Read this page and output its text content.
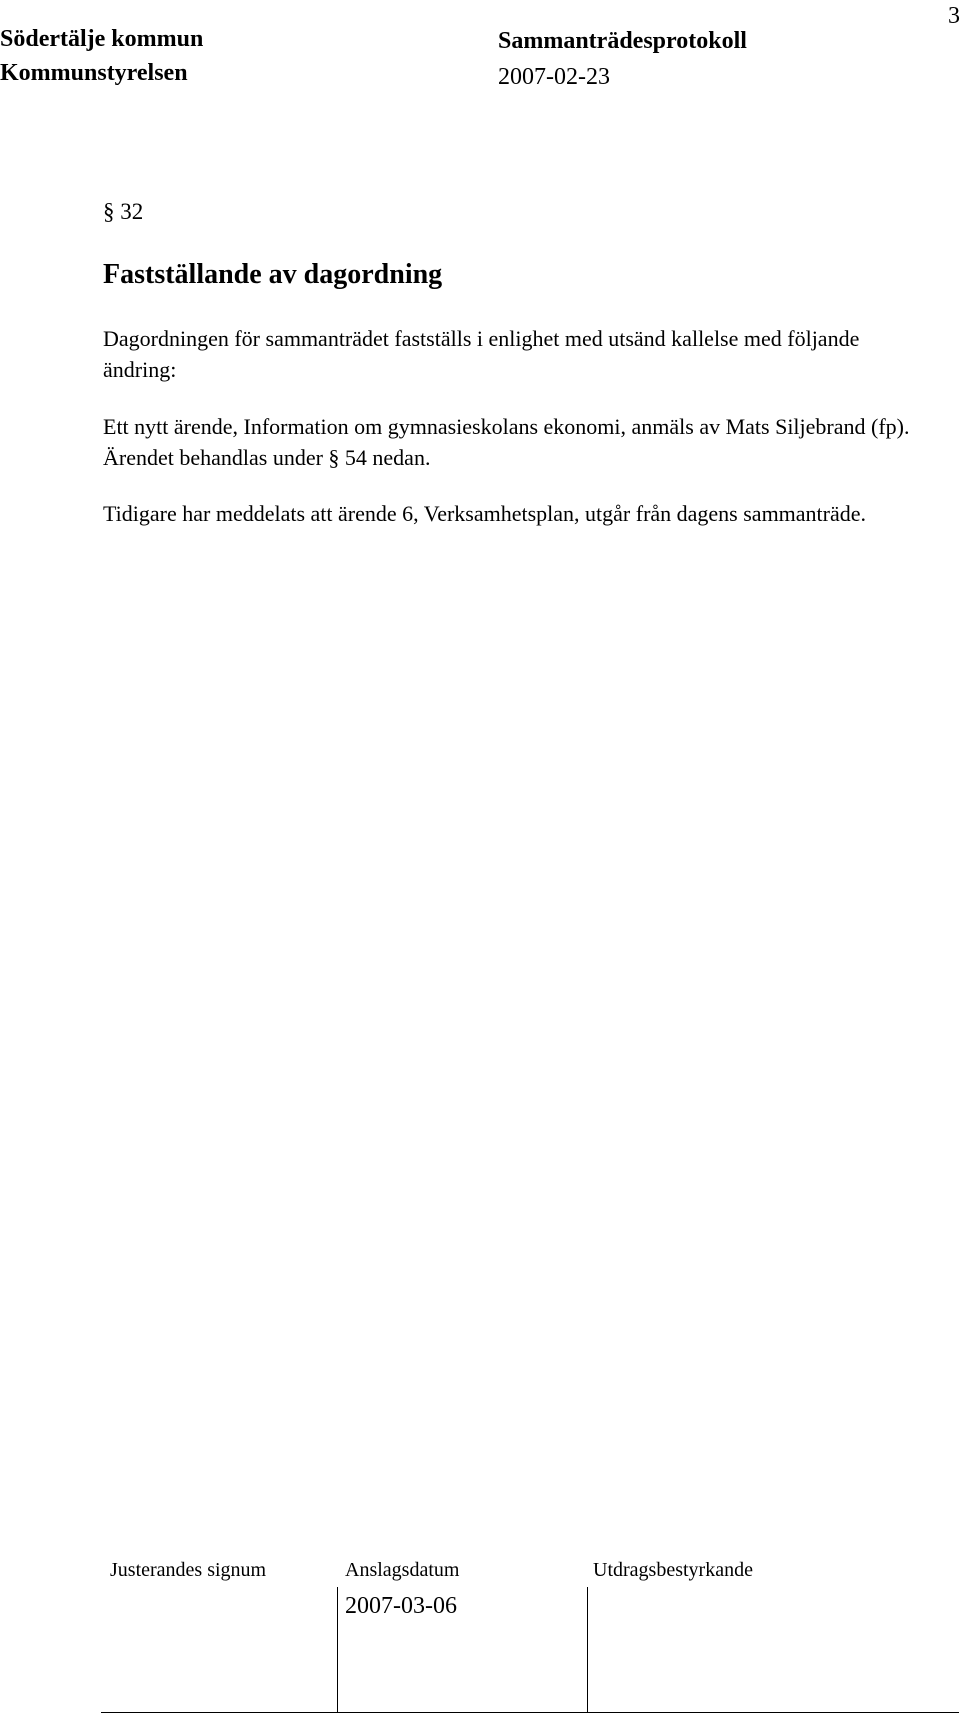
Södertälje kommun
Kommunstyrelsen
Sammanträdesprotokoll
2007-02-23
3
§ 32
Fastställande av dagordning

Dagordningen för sammanträdet fastställs i enlighet med utsänd kallelse med följande ändring:

Ett nytt ärende, Information om gymnasieskolans ekonomi, anmäls av Mats Siljebrand (fp). Ärendet behandlas under § 54 nedan.

Tidigare har meddelats att ärende 6, Verksamhetsplan, utgår från dagens sammanträde.

Justerandes signum	Anslagsdatum	Utdragsbestyrkande
2007-03-06
